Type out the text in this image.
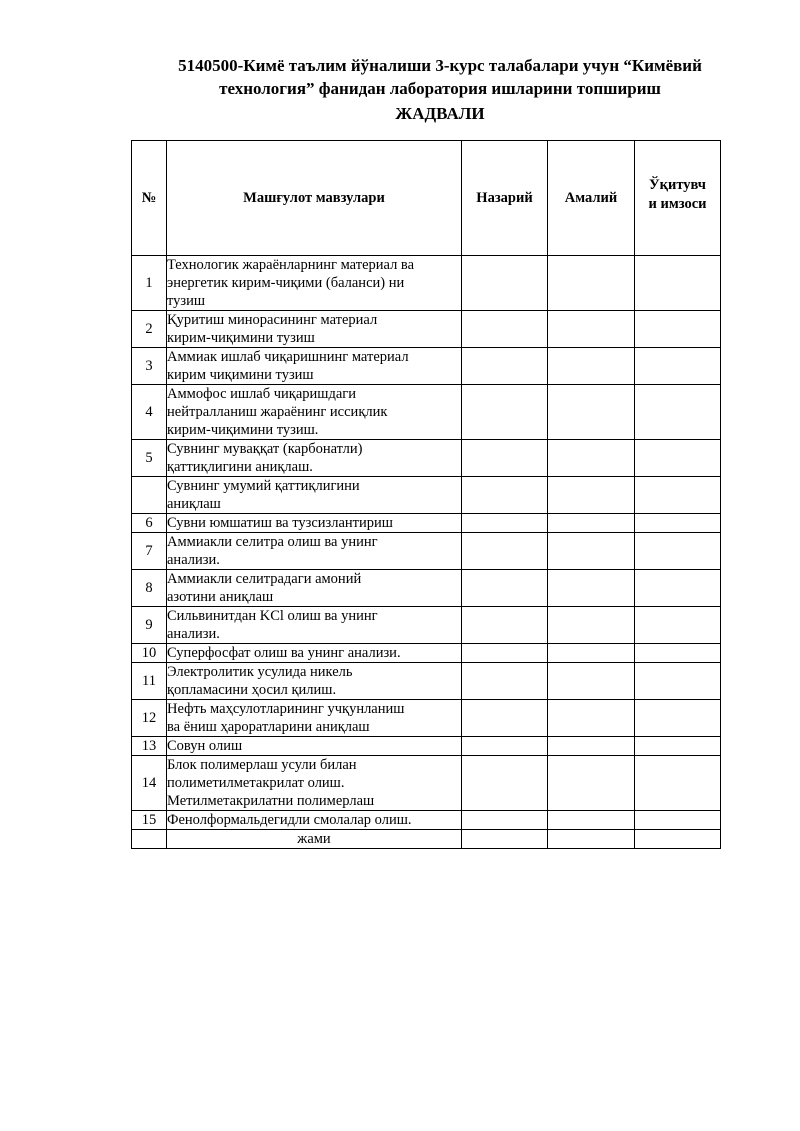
5140500-Кимё таълим йўналиши 3-курс талабалари учун “Кимёвий
технология” фанидан лаборатория ишларини топшириш
ЖАДВАЛИ
№	Машғулот мавзулари	Назарий	Амалий	Ўқитувч
и имзоси
1	Технологик жараёнларнинг материал ва
энергетик кирим-чиқими (баланси) ни
тузиш			

2	Қуритиш минорасининг материал
кирим-чиқимини тузиш			

3	Аммиак ишлаб чиқаришнинг материал
кирим чиқимини тузиш			

4	Аммофос ишлаб чиқаришдаги
нейтралланиш жараёнинг иссиқлик
кирим-чиқимини тузиш.			

5	Сувнинг муваққат (карбонатли)
қаттиқлигини аниқлаш.			

	Сувнинг умумий қаттиқлигини
аниқлаш			

6	Сувни юмшатиш ва тузсизлантириш			

7	Аммиакли селитра олиш ва унинг
анализи.			

8	Аммиакли селитрадаги амоний
азотини аниқлаш			

9	Сильвинитдан KCl олиш ва унинг
анализи.			

10	Суперфосфат олиш ва унинг анализи.			

11	Электролитик усулида никель
қопламасини ҳосил қилиш.			

12	Нефть маҳсулотларининг учқунланиш
ва ёниш ҳароратларини аниқлаш			

13	Совун олиш			

14	Блок полимерлаш усули билан
полиметилметакрилат олиш.
Метилметакрилатни полимерлаш			

15	Фенолформальдегидли смолалар олиш.			

	жами			
